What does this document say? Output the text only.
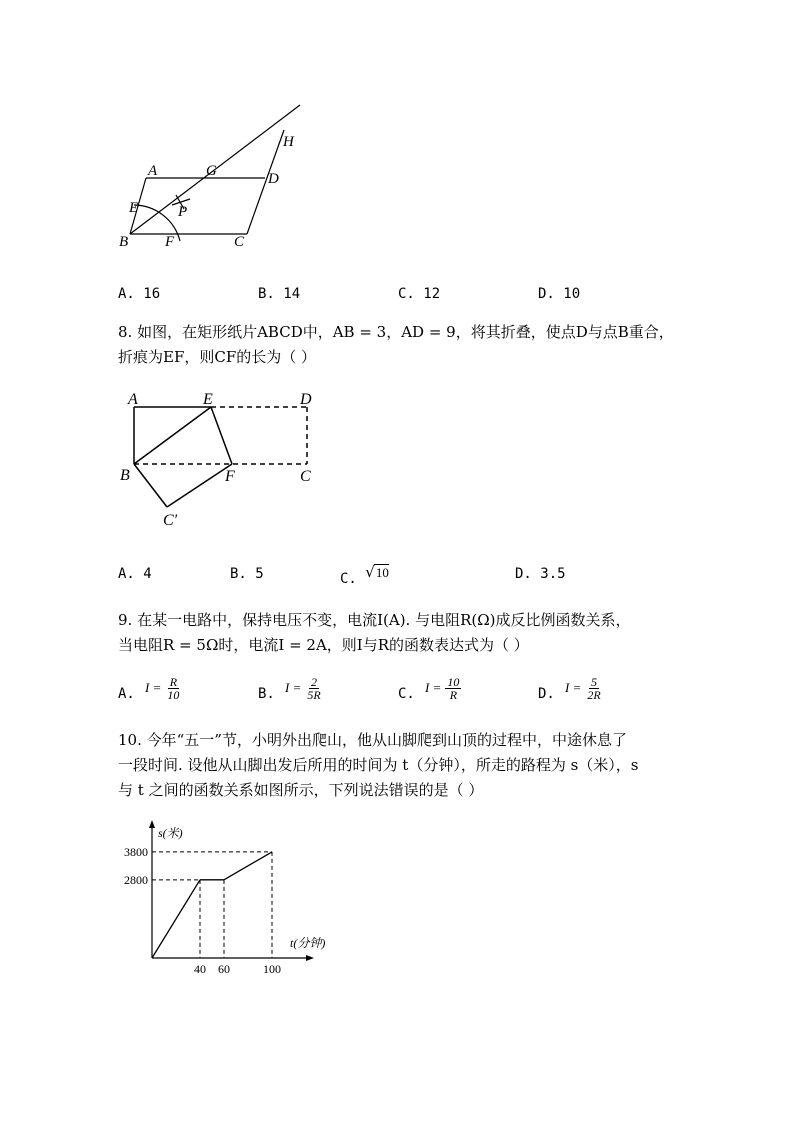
A	G	D
H
E	P
B F	C
A. 16	B. 14	C. 12	D. 10
8. 如图，在矩形纸片ABCD中，AB = 3，AD = 9，将其折叠，使点D与点B重合，
折痕为EF，则CF的长为（ ）
A	E	D
B	F	C
C′
A. 4	B. 5	C. √10	D. 3.5
9. 在某一电路中，保持电压不变，电流I(A). 与电阻R(Ω)成反比例函数关系，
当电阻R = 5Ω时，电流I = 2A，则I与R的函数表达式为（ ）
A. $I = \frac{R}{10}$	B. $I = \frac{2}{5R}$	C. $I = \frac{10}{R}$	D. $I = \frac{5}{2R}$
10. 今年“五一”节，小明外出爬山，他从山脚爬到山顶的过程中，中途休息了
一段时间. 设他从山脚出发后所用的时间为 t（分钟），所走的路程为 s（米），s
与 t 之间的函数关系如图所示，下列说法错误的是（ ）
40 60	100
3800
2800
s(米)
t(分钟)
